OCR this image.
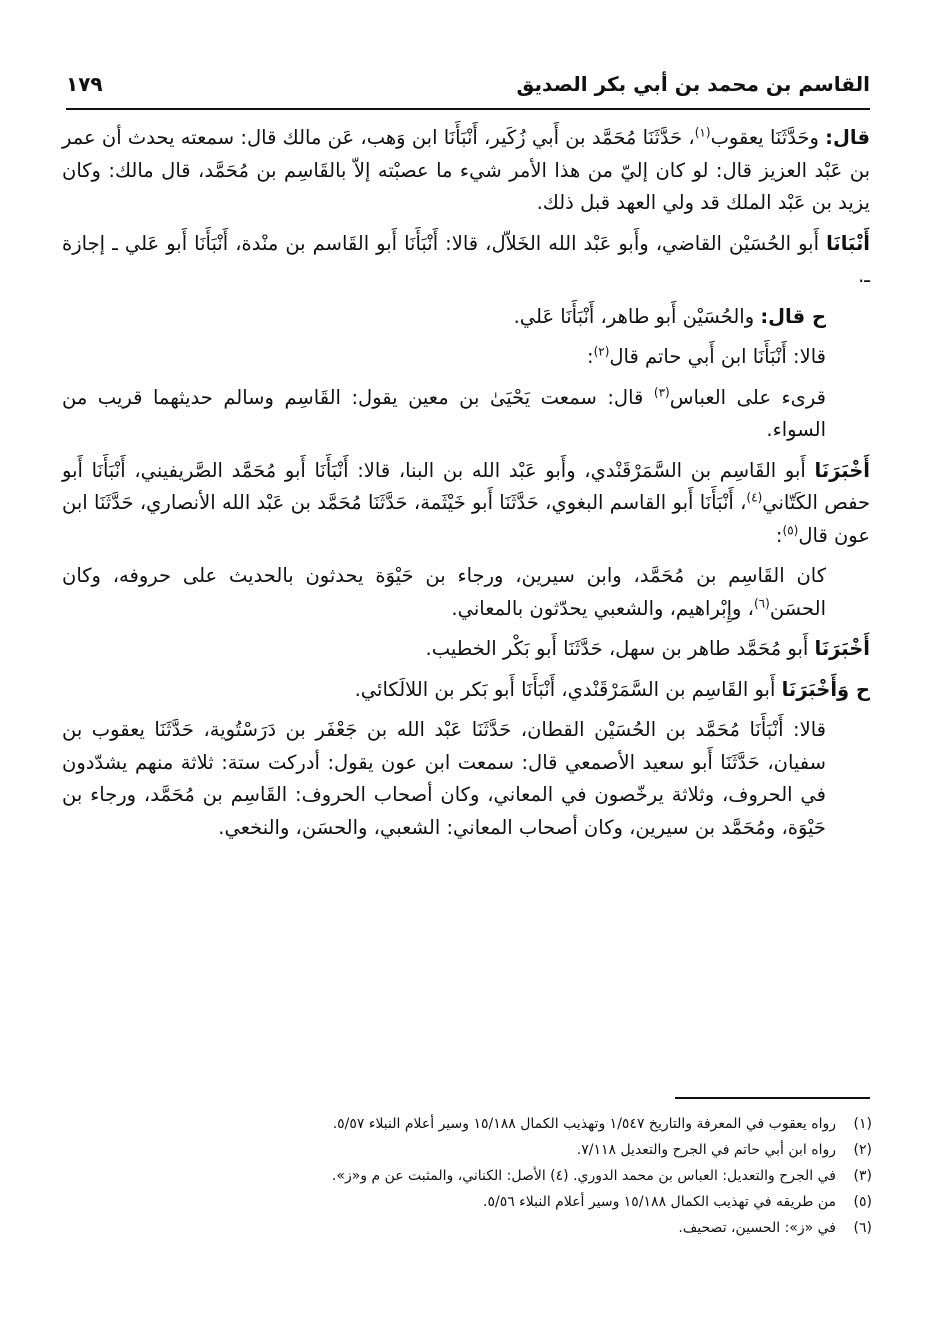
القاسم بن محمد بن أبي بكر الصديق
١٧٩

قال: وحَدَّثَنَا يعقوب$^{(١)}$، حَدَّثَنَا مُحَمَّد بن أَبي زُكَير، أَنْبَأَنَا ابن وَهب، عَن مالك قال: سمعته يحدث أن عمر بن عَبْد العزيز قال: لو كان إليّ من هذا الأمر شيء ما عصبْته إلاّ بالقَاسِم بن مُحَمَّد، قال مالك: وكان يزيد بن عَبْد الملك قد ولي العهد قبل ذلك.

أَنْبَانَا أَبو الحُسَيْن القاضي، وأَبو عَبْد الله الخَلاّل، قالا: أَنْبَأَنَا أَبو القَاسم بن منْدة، أَنْبَأَنَا أَبو عَلي ـ إجازة ـ.

ح قال: والحُسَيْن أَبو طاهر، أَنْبَأَنَا عَلي.

قالا: أَنْبَأَنَا ابن أَبي حاتم قال$^{(٢)}$:

قرىء على العباس$^{(٣)}$ قال: سمعت يَحْيَىٰ بن معين يقول: القَاسِم وسالم حديثهما قريب من السواء.

أَخْبَرَنَا أَبو القَاسِم بن السَّمَرْقَنْدي، وأَبو عَبْد الله بن البنا، قالا: أَنْبَأَنَا أَبو مُحَمَّد الصَّريفيني، أَنْبَأَنَا أَبو حفص الكَتّاني$^{(٤)}$، أَنْبَأَنَا أَبو القاسم البغوي، حَدَّثَنَا أَبو خَيْثَمة، حَدَّثَنَا مُحَمَّد بن عَبْد الله الأنصاري، حَدَّثَنَا ابن عون قال$^{(٥)}$:

كان القَاسِم بن مُحَمَّد، وابن سيرين، ورجاء بن حَيْوَة يحدثون بالحديث على حروفه، وكان الحسَن$^{(٦)}$، وإِبْراهيم، والشعبي يحدّثون بالمعاني.

أَخْبَرَنَا أَبو مُحَمَّد طاهر بن سهل، حَدَّثَنَا أَبو بَكْر الخطيب.

ح وَأَخْبَرَنَا أَبو القَاسِم بن السَّمَرْقَنْدي، أَنْبَأَنَا أَبو بَكر بن اللالَكائي.

قالا: أَنْبَأَنَا مُحَمَّد بن الحُسَيْن القطان، حَدَّثَنَا عَبْد الله بن جَعْفَر بن دَرَسْتُوية، حَدَّثَنَا يعقوب بن سفيان، حَدَّثَنَا أَبو سعيد الأصمعي قال: سمعت ابن عون يقول: أدركت ستة: ثلاثة منهم يشدّدون في الحروف، وثلاثة يرخّصون في المعاني، وكان أصحاب الحروف: القَاسِم بن مُحَمَّد، ورجاء بن حَيْوَة، ومُحَمَّد بن سيرين، وكان أصحاب المعاني: الشعبي، والحسَن، والنخعي.

(١)رواه يعقوب في المعرفة والتاريخ ١/٥٤٧ وتهذيب الكمال ١٥/١٨٨ وسير أعلام النبلاء ٥/٥٧.
(٢)رواه ابن أبي حاتم في الجرح والتعديل ٧/١١٨.
(٣)في الجرح والتعديل: العباس بن محمد الدوري. (٤) الأصل: الكناني، والمثبت عن م و«ز».
(٥)من طريقه في تهذيب الكمال ١٥/١٨٨ وسير أعلام النبلاء ٥/٥٦.
(٦)في «ز»: الحسين، تصحيف.
